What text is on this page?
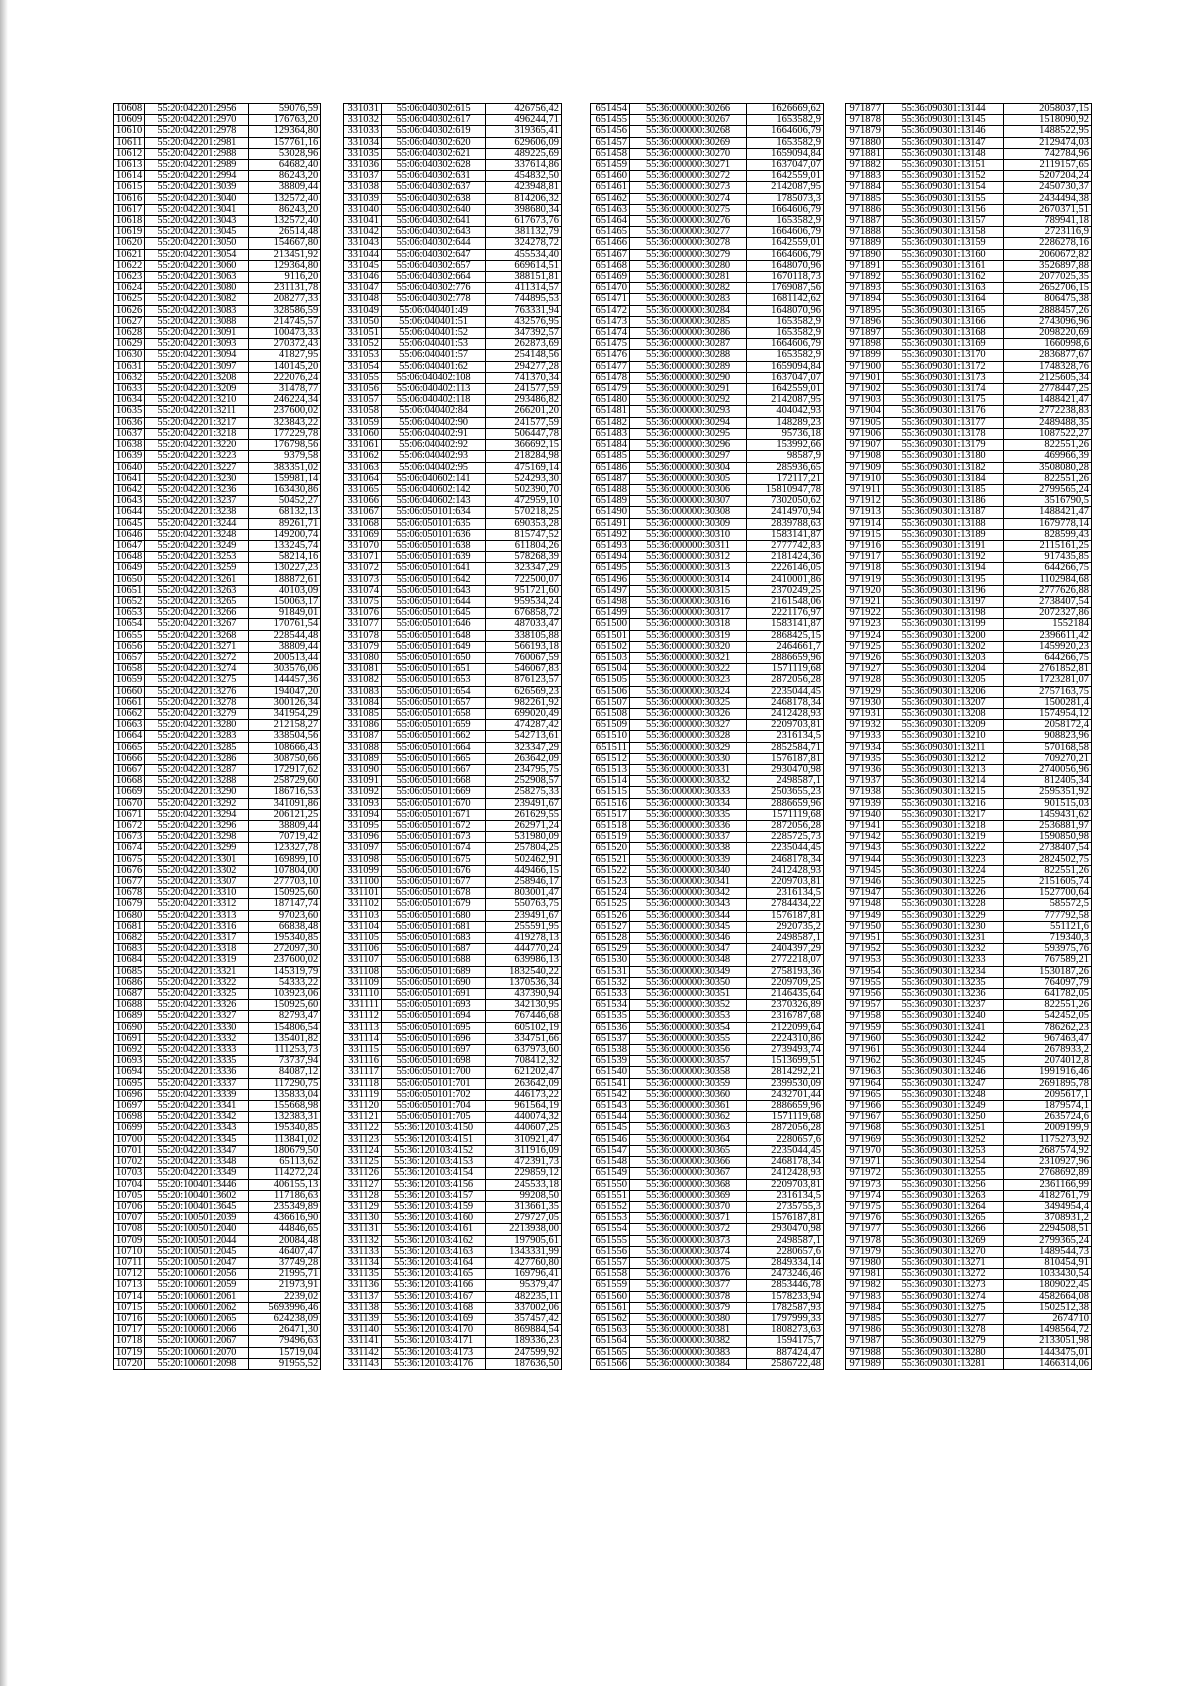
10608	55:20:042201:2956	59076,59
10609	55:20:042201:2970	176763,20
10610	55:20:042201:2978	129364,80
10611	55:20:042201:2981	157761,16
10612	55:20:042201:2988	53028,96
10613	55:20:042201:2989	64682,40
10614	55:20:042201:2994	86243,20
10615	55:20:042201:3039	38809,44
10616	55:20:042201:3040	132572,40
10617	55:20:042201:3041	86243,20
10618	55:20:042201:3043	132572,40
10619	55:20:042201:3045	26514,48
10620	55:20:042201:3050	154667,80
10621	55:20:042201:3054	213451,92
10622	55:20:042201:3060	129364,80
10623	55:20:042201:3063	9116,20
10624	55:20:042201:3080	231131,78
10625	55:20:042201:3082	208277,33
10626	55:20:042201:3083	328586,59
10627	55:20:042201:3088	214745,57
10628	55:20:042201:3091	100473,33
10629	55:20:042201:3093	270372,43
10630	55:20:042201:3094	41827,95
10631	55:20:042201:3097	140145,20
10632	55:20:042201:3208	222076,24
10633	55:20:042201:3209	31478,77
10634	55:20:042201:3210	246224,34
10635	55:20:042201:3211	237600,02
10636	55:20:042201:3217	323843,22
10637	55:20:042201:3218	177229,78
10638	55:20:042201:3220	176798,56
10639	55:20:042201:3223	9379,58
10640	55:20:042201:3227	383351,02
10641	55:20:042201:3230	159981,14
10642	55:20:042201:3236	163430,86
10643	55:20:042201:3237	50452,27
10644	55:20:042201:3238	68132,13
10645	55:20:042201:3244	89261,71
10646	55:20:042201:3248	149200,74
10647	55:20:042201:3249	133245,74
10648	55:20:042201:3253	58214,16
10649	55:20:042201:3259	130227,23
10650	55:20:042201:3261	188872,61
10651	55:20:042201:3263	40103,09
10652	55:20:042201:3265	150063,17
10653	55:20:042201:3266	91849,01
10654	55:20:042201:3267	170761,54
10655	55:20:042201:3268	228544,48
10656	55:20:042201:3271	38809,44
10657	55:20:042201:3272	200513,44
10658	55:20:042201:3274	303576,06
10659	55:20:042201:3275	144457,36
10660	55:20:042201:3276	194047,20
10661	55:20:042201:3278	300126,34
10662	55:20:042201:3279	341954,29
10663	55:20:042201:3280	212158,27
10664	55:20:042201:3283	338504,56
10665	55:20:042201:3285	108666,43
10666	55:20:042201:3286	308750,66
10667	55:20:042201:3287	172917,62
10668	55:20:042201:3288	258729,60
10669	55:20:042201:3290	186716,53
10670	55:20:042201:3292	341091,86
10671	55:20:042201:3294	206121,25
10672	55:20:042201:3296	38809,44
10673	55:20:042201:3298	70719,42
10674	55:20:042201:3299	123327,78
10675	55:20:042201:3301	169899,10
10676	55:20:042201:3302	107804,00
10677	55:20:042201:3307	277703,10
10678	55:20:042201:3310	150925,60
10679	55:20:042201:3312	187147,74
10680	55:20:042201:3313	97023,60
10681	55:20:042201:3316	66838,48
10682	55:20:042201:3317	195340,85
10683	55:20:042201:3318	272097,30
10684	55:20:042201:3319	237600,02
10685	55:20:042201:3321	145319,79
10686	55:20:042201:3322	54333,22
10687	55:20:042201:3325	103923,06
10688	55:20:042201:3326	150925,60
10689	55:20:042201:3327	82793,47
10690	55:20:042201:3330	154806,54
10691	55:20:042201:3332	135401,82
10692	55:20:042201:3333	111253,73
10693	55:20:042201:3335	73737,94
10694	55:20:042201:3336	84087,12
10695	55:20:042201:3337	117290,75
10696	55:20:042201:3339	135833,04
10697	55:20:042201:3341	155668,98
10698	55:20:042201:3342	132383,31
10699	55:20:042201:3343	195340,85
10700	55:20:042201:3345	113841,02
10701	55:20:042201:3347	180679,50
10702	55:20:042201:3348	65113,62
10703	55:20:042201:3349	114272,24
10704	55:20:100401:3446	406155,13
10705	55:20:100401:3602	117186,63
10706	55:20:100401:3645	235349,89
10707	55:20:100501:2039	436616,90
10708	55:20:100501:2040	44846,65
10709	55:20:100501:2044	20084,48
10710	55:20:100501:2045	46407,47
10711	55:20:100501:2047	37749,28
10712	55:20:100601:2056	21995,71
10713	55:20:100601:2059	21973,91
10714	55:20:100601:2061	2239,02
10715	55:20:100601:2062	5693996,46
10716	55:20:100601:2065	624238,09
10717	55:20:100601:2066	26471,30
10718	55:20:100601:2067	79496,63
10719	55:20:100601:2070	15719,04
10720	55:20:100601:2098	91955,52
331031	55:06:040302:615	426756,42
331032	55:06:040302:617	496244,71
331033	55:06:040302:619	319365,41
331034	55:06:040302:620	629606,09
331035	55:06:040302:621	489225,69
331036	55:06:040302:628	337614,86
331037	55:06:040302:631	454832,50
331038	55:06:040302:637	423948,81
331039	55:06:040302:638	814206,32
331040	55:06:040302:640	398680,34
331041	55:06:040302:641	617673,76
331042	55:06:040302:643	381132,79
331043	55:06:040302:644	324278,72
331044	55:06:040302:647	455534,40
331045	55:06:040302:657	669614,51
331046	55:06:040302:664	388151,81
331047	55:06:040302:776	411314,57
331048	55:06:040302:778	744895,53
331049	55:06:040401:49	763331,94
331050	55:06:040401:51	432576,95
331051	55:06:040401:52	347392,57
331052	55:06:040401:53	262873,69
331053	55:06:040401:57	254148,56
331054	55:06:040401:62	294277,28
331055	55:06:040402:108	741370,34
331056	55:06:040402:113	241577,59
331057	55:06:040402:118	293486,82
331058	55:06:040402:84	266201,20
331059	55:06:040402:90	241577,59
331060	55:06:040402:91	506447,78
331061	55:06:040402:92	366692,15
331062	55:06:040402:93	218284,98
331063	55:06:040402:95	475169,14
331064	55:06:040602:141	524293,30
331065	55:06:040602:142	502390,70
331066	55:06:040602:143	472959,10
331067	55:06:050101:634	570218,25
331068	55:06:050101:635	690353,28
331069	55:06:050101:636	815747,52
331070	55:06:050101:638	611804,26
331071	55:06:050101:639	578268,39
331072	55:06:050101:641	323347,29
331073	55:06:050101:642	722500,07
331074	55:06:050101:643	951721,60
331075	55:06:050101:644	959534,24
331076	55:06:050101:645	676858,72
331077	55:06:050101:646	487033,47
331078	55:06:050101:648	338105,88
331079	55:06:050101:649	566193,18
331080	55:06:050101:650	760067,59
331081	55:06:050101:651	546067,83
331082	55:06:050101:653	876123,57
331083	55:06:050101:654	626569,23
331084	55:06:050101:657	982261,92
331085	55:06:050101:658	699020,49
331086	55:06:050101:659	474287,42
331087	55:06:050101:662	542713,61
331088	55:06:050101:664	323347,29
331089	55:06:050101:665	263642,09
331090	55:06:050101:667	234795,75
331091	55:06:050101:668	252908,57
331092	55:06:050101:669	258275,33
331093	55:06:050101:670	239491,67
331094	55:06:050101:671	261629,55
331095	55:06:050101:672	262971,24
331096	55:06:050101:673	531980,09
331097	55:06:050101:674	257804,25
331098	55:06:050101:675	502462,91
331099	55:06:050101:676	449466,15
331100	55:06:050101:677	258946,17
331101	55:06:050101:678	803001,47
331102	55:06:050101:679	550763,75
331103	55:06:050101:680	239491,67
331104	55:06:050101:681	255591,95
331105	55:06:050101:683	419278,13
331106	55:06:050101:687	444770,24
331107	55:06:050101:688	639986,13
331108	55:06:050101:689	1832540,22
331109	55:06:050101:690	1370536,34
331110	55:06:050101:691	437390,94
331111	55:06:050101:693	342130,95
331112	55:06:050101:694	767446,68
331113	55:06:050101:695	605102,19
331114	55:06:050101:696	334751,66
331115	55:06:050101:697	637973,60
331116	55:06:050101:698	708412,32
331117	55:06:050101:700	621202,47
331118	55:06:050101:701	263642,09
331119	55:06:050101:702	446173,22
331120	55:06:050101:704	961564,19
331121	55:06:050101:705	440074,32
331122	55:36:120103:4150	440607,25
331123	55:36:120103:4151	310921,47
331124	55:36:120103:4152	311916,09
331125	55:36:120103:4153	472391,73
331126	55:36:120103:4154	229859,12
331127	55:36:120103:4156	245533,18
331128	55:36:120103:4157	99208,50
331129	55:36:120103:4159	313661,35
331130	55:36:120103:4160	279727,05
331131	55:36:120103:4161	2213938,00
331132	55:36:120103:4162	197905,61
331133	55:36:120103:4163	1343331,99
331134	55:36:120103:4164	427760,80
331135	55:36:120103:4165	169796,41
331136	55:36:120103:4166	95379,47
331137	55:36:120103:4167	482235,11
331138	55:36:120103:4168	337002,06
331139	55:36:120103:4169	357457,42
331140	55:36:120103:4170	869884,54
331141	55:36:120103:4171	189336,23
331142	55:36:120103:4173	247599,92
331143	55:36:120103:4176	187636,50
651454	55:36:000000:30266	1626669,62
651455	55:36:000000:30267	1653582,9
651456	55:36:000000:30268	1664606,79
651457	55:36:000000:30269	1653582,9
651458	55:36:000000:30270	1659094,84
651459	55:36:000000:30271	1637047,07
651460	55:36:000000:30272	1642559,01
651461	55:36:000000:30273	2142087,95
651462	55:36:000000:30274	1785073,3
651463	55:36:000000:30275	1664606,79
651464	55:36:000000:30276	1653582,9
651465	55:36:000000:30277	1664606,79
651466	55:36:000000:30278	1642559,01
651467	55:36:000000:30279	1664606,79
651468	55:36:000000:30280	1648070,96
651469	55:36:000000:30281	1670118,73
651470	55:36:000000:30282	1769087,56
651471	55:36:000000:30283	1681142,62
651472	55:36:000000:30284	1648070,96
651473	55:36:000000:30285	1653582,9
651474	55:36:000000:30286	1653582,9
651475	55:36:000000:30287	1664606,79
651476	55:36:000000:30288	1653582,9
651477	55:36:000000:30289	1659094,84
651478	55:36:000000:30290	1637047,07
651479	55:36:000000:30291	1642559,01
651480	55:36:000000:30292	2142087,95
651481	55:36:000000:30293	404042,93
651482	55:36:000000:30294	148289,23
651483	55:36:000000:30295	95736,18
651484	55:36:000000:30296	153992,66
651485	55:36:000000:30297	98587,9
651486	55:36:000000:30304	285936,65
651487	55:36:000000:30305	172117,21
651488	55:36:000000:30306	15810947,78
651489	55:36:000000:30307	7302050,62
651490	55:36:000000:30308	2414970,94
651491	55:36:000000:30309	2839788,63
651492	55:36:000000:30310	1583141,87
651493	55:36:000000:30311	2777742,83
651494	55:36:000000:30312	2181424,36
651495	55:36:000000:30313	2226146,05
651496	55:36:000000:30314	2410001,86
651497	55:36:000000:30315	2370249,25
651498	55:36:000000:30316	2161548,06
651499	55:36:000000:30317	2221176,97
651500	55:36:000000:30318	1583141,87
651501	55:36:000000:30319	2868425,15
651502	55:36:000000:30320	2464661,7
651503	55:36:000000:30321	2886659,96
651504	55:36:000000:30322	1571119,68
651505	55:36:000000:30323	2872056,28
651506	55:36:000000:30324	2235044,45
651507	55:36:000000:30325	2468178,34
651508	55:36:000000:30326	2412428,93
651509	55:36:000000:30327	2209703,81
651510	55:36:000000:30328	2316134,5
651511	55:36:000000:30329	2852584,71
651512	55:36:000000:30330	1576187,81
651513	55:36:000000:30331	2930470,98
651514	55:36:000000:30332	2498587,1
651515	55:36:000000:30333	2503655,23
651516	55:36:000000:30334	2886659,96
651517	55:36:000000:30335	1571119,68
651518	55:36:000000:30336	2872056,28
651519	55:36:000000:30337	2285725,73
651520	55:36:000000:30338	2235044,45
651521	55:36:000000:30339	2468178,34
651522	55:36:000000:30340	2412428,93
651523	55:36:000000:30341	2209703,81
651524	55:36:000000:30342	2316134,5
651525	55:36:000000:30343	2784434,22
651526	55:36:000000:30344	1576187,81
651527	55:36:000000:30345	2920735,2
651528	55:36:000000:30346	2498587,1
651529	55:36:000000:30347	2404397,29
651530	55:36:000000:30348	2772218,07
651531	55:36:000000:30349	2758193,36
651532	55:36:000000:30350	2209709,25
651533	55:36:000000:30351	2146435,64
651534	55:36:000000:30352	2370326,89
651535	55:36:000000:30353	2316787,68
651536	55:36:000000:30354	2122099,64
651537	55:36:000000:30355	2224310,86
651538	55:36:000000:30356	2739493,74
651539	55:36:000000:30357	1513699,51
651540	55:36:000000:30358	2814292,21
651541	55:36:000000:30359	2399530,09
651542	55:36:000000:30360	2432701,44
651543	55:36:000000:30361	2886659,96
651544	55:36:000000:30362	1571119,68
651545	55:36:000000:30363	2872056,28
651546	55:36:000000:30364	2280657,6
651547	55:36:000000:30365	2235044,45
651548	55:36:000000:30366	2468178,34
651549	55:36:000000:30367	2412428,93
651550	55:36:000000:30368	2209703,81
651551	55:36:000000:30369	2316134,5
651552	55:36:000000:30370	2735755,3
651553	55:36:000000:30371	1576187,81
651554	55:36:000000:30372	2930470,98
651555	55:36:000000:30373	2498587,1
651556	55:36:000000:30374	2280657,6
651557	55:36:000000:30375	2849334,14
651558	55:36:000000:30376	2473246,46
651559	55:36:000000:30377	2853446,78
651560	55:36:000000:30378	1578233,94
651561	55:36:000000:30379	1782587,93
651562	55:36:000000:30380	1797999,33
651563	55:36:000000:30381	1808273,63
651564	55:36:000000:30382	1594175,7
651565	55:36:000000:30383	887424,47
651566	55:36:000000:30384	2586722,48
971877	55:36:090301:13144	2058037,15
971878	55:36:090301:13145	1518090,92
971879	55:36:090301:13146	1488522,95
971880	55:36:090301:13147	2129474,03
971881	55:36:090301:13148	742784,96
971882	55:36:090301:13151	2119157,65
971883	55:36:090301:13152	5207204,24
971884	55:36:090301:13154	2450730,37
971885	55:36:090301:13155	2434494,38
971886	55:36:090301:13156	2670371,51
971887	55:36:090301:13157	789941,18
971888	55:36:090301:13158	2723116,9
971889	55:36:090301:13159	2286278,16
971890	55:36:090301:13160	2060672,82
971891	55:36:090301:13161	3526897,88
971892	55:36:090301:13162	2077025,35
971893	55:36:090301:13163	2652706,15
971894	55:36:090301:13164	806475,38
971895	55:36:090301:13165	2888457,26
971896	55:36:090301:13166	2743096,96
971897	55:36:090301:13168	2098220,69
971898	55:36:090301:13169	1660998,6
971899	55:36:090301:13170	2836877,67
971900	55:36:090301:13172	1748328,76
971901	55:36:090301:13173	2125605,34
971902	55:36:090301:13174	2778447,25
971903	55:36:090301:13175	1488421,47
971904	55:36:090301:13176	2772238,83
971905	55:36:090301:13177	2489488,35
971906	55:36:090301:13178	1087522,27
971907	55:36:090301:13179	822551,26
971908	55:36:090301:13180	469966,39
971909	55:36:090301:13182	3508080,28
971910	55:36:090301:13184	822551,26
971911	55:36:090301:13185	2799565,24
971912	55:36:090301:13186	3516790,5
971913	55:36:090301:13187	1488421,47
971914	55:36:090301:13188	1679778,14
971915	55:36:090301:13189	828599,43
971916	55:36:090301:13191	2115161,25
971917	55:36:090301:13192	917435,85
971918	55:36:090301:13194	644266,75
971919	55:36:090301:13195	1102984,68
971920	55:36:090301:13196	2777626,88
971921	55:36:090301:13197	2738407,54
971922	55:36:090301:13198	2072327,86
971923	55:36:090301:13199	1552184
971924	55:36:090301:13200	2396611,42
971925	55:36:090301:13202	1459920,23
971926	55:36:090301:13203	644266,75
971927	55:36:090301:13204	2761852,81
971928	55:36:090301:13205	1723281,07
971929	55:36:090301:13206	2757163,75
971930	55:36:090301:13207	1500281,4
971931	55:36:090301:13208	1574954,12
971932	55:36:090301:13209	2058172,4
971933	55:36:090301:13210	908823,96
971934	55:36:090301:13211	570168,58
971935	55:36:090301:13212	709270,21
971936	55:36:090301:13213	2740056,96
971937	55:36:090301:13214	812405,34
971938	55:36:090301:13215	2595351,92
971939	55:36:090301:13216	901515,03
971940	55:36:090301:13217	1459431,62
971941	55:36:090301:13218	2536881,97
971942	55:36:090301:13219	1590850,98
971943	55:36:090301:13222	2738407,54
971944	55:36:090301:13223	2824502,75
971945	55:36:090301:13224	822551,26
971946	55:36:090301:13225	2151605,74
971947	55:36:090301:13226	1527700,64
971948	55:36:090301:13228	585572,5
971949	55:36:090301:13229	777792,58
971950	55:36:090301:13230	551121,6
971951	55:36:090301:13231	719340,3
971952	55:36:090301:13232	593975,76
971953	55:36:090301:13233	767589,21
971954	55:36:090301:13234	1530187,26
971955	55:36:090301:13235	764097,79
971956	55:36:090301:13236	641782,05
971957	55:36:090301:13237	822551,26
971958	55:36:090301:13240	542452,05
971959	55:36:090301:13241	786262,23
971960	55:36:090301:13242	967463,47
971961	55:36:090301:13244	2678933,2
971962	55:36:090301:13245	2074012,8
971963	55:36:090301:13246	1991916,46
971964	55:36:090301:13247	2691895,78
971965	55:36:090301:13248	2095617,1
971966	55:36:090301:13249	1879574,1
971967	55:36:090301:13250	2635724,6
971968	55:36:090301:13251	2009199,9
971969	55:36:090301:13252	1175273,92
971970	55:36:090301:13253	2687574,92
971971	55:36:090301:13254	2310927,96
971972	55:36:090301:13255	2768692,89
971973	55:36:090301:13256	2361166,99
971974	55:36:090301:13263	4182761,79
971975	55:36:090301:13264	3494954,4
971976	55:36:090301:13265	3708931,2
971977	55:36:090301:13266	2294508,51
971978	55:36:090301:13269	2799365,24
971979	55:36:090301:13270	1489544,73
971980	55:36:090301:13271	810454,91
971981	55:36:090301:13272	1033430,54
971982	55:36:090301:13273	1809022,45
971983	55:36:090301:13274	4582664,08
971984	55:36:090301:13275	1502512,38
971985	55:36:090301:13277	2674710
971986	55:36:090301:13278	1498564,72
971987	55:36:090301:13279	2133051,98
971988	55:36:090301:13280	1443475,01
971989	55:36:090301:13281	1466314,06
